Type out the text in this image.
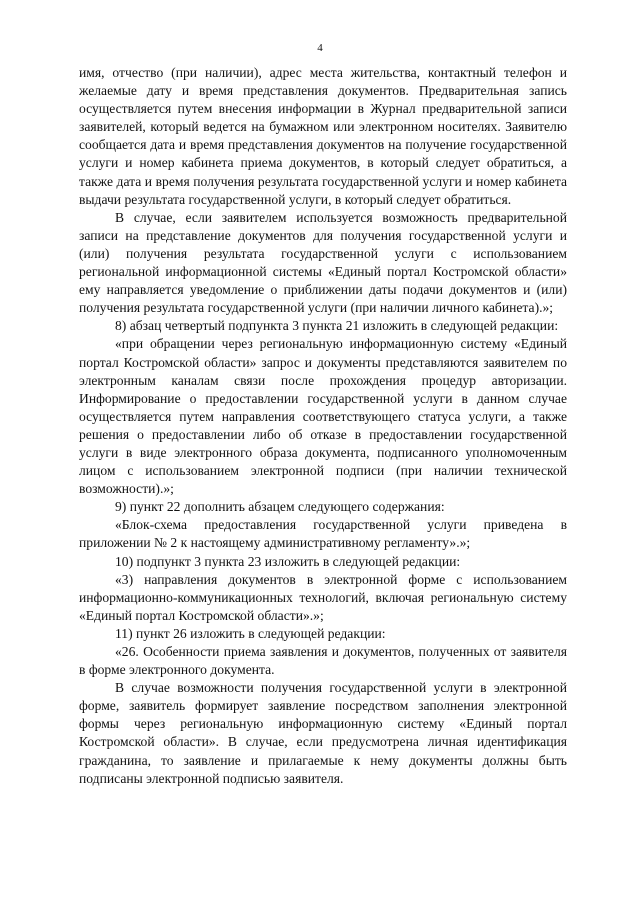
4

имя, отчество (при наличии), адрес места жительства, контактный телефон и желаемые дату и время представления документов. Предварительная запись осуществляется путем внесения информации в Журнал предварительной записи заявителей, который ведется на бумажном или электронном носителях. Заявителю сообщается дата и время представления документов на получение государственной услуги и номер кабинета приема документов, в который следует обратиться, а также дата и время получения результата государственной услуги и номер кабинета выдачи результата государственной услуги, в который следует обратиться.

В случае, если заявителем используется возможность предварительной записи на представление документов для получения государственной услуги и (или) получения результата государственной услуги с использованием региональной информационной системы «Единый портал Костромской области» ему направляется уведомление о приближении даты подачи документов и (или) получения результата государственной услуги (при наличии личного кабинета).»;

8) абзац четвертый подпункта 3 пункта 21 изложить в следующей редакции:

«при обращении через региональную информационную систему «Единый портал Костромской области» запрос и документы представляются заявителем по электронным каналам связи после прохождения процедур авторизации. Информирование о предоставлении государственной услуги в данном случае осуществляется путем направления соответствующего статуса услуги, а также решения о предоставлении либо об отказе в предоставлении государственной услуги в виде электронного образа документа, подписанного уполномоченным лицом с использованием электронной подписи (при наличии технической возможности).»;

9) пункт 22 дополнить абзацем следующего содержания:

«Блок-схема предоставления государственной услуги приведена в приложении № 2 к настоящему административному регламенту».»;

10) подпункт 3 пункта 23 изложить в следующей редакции:

«3) направления документов в электронной форме с использованием информационно-коммуникационных технологий, включая региональную систему «Единый портал Костромской области».»;

11) пункт 26 изложить в следующей редакции:

«26. Особенности приема заявления и документов, полученных от заявителя в форме электронного документа.

В случае возможности получения государственной услуги в электронной форме, заявитель формирует заявление посредством заполнения электронной формы через региональную информационную систему «Единый портал Костромской области». В случае, если предусмотрена личная идентификация гражданина, то заявление и прилагаемые к нему документы должны быть подписаны электронной подписью заявителя.
